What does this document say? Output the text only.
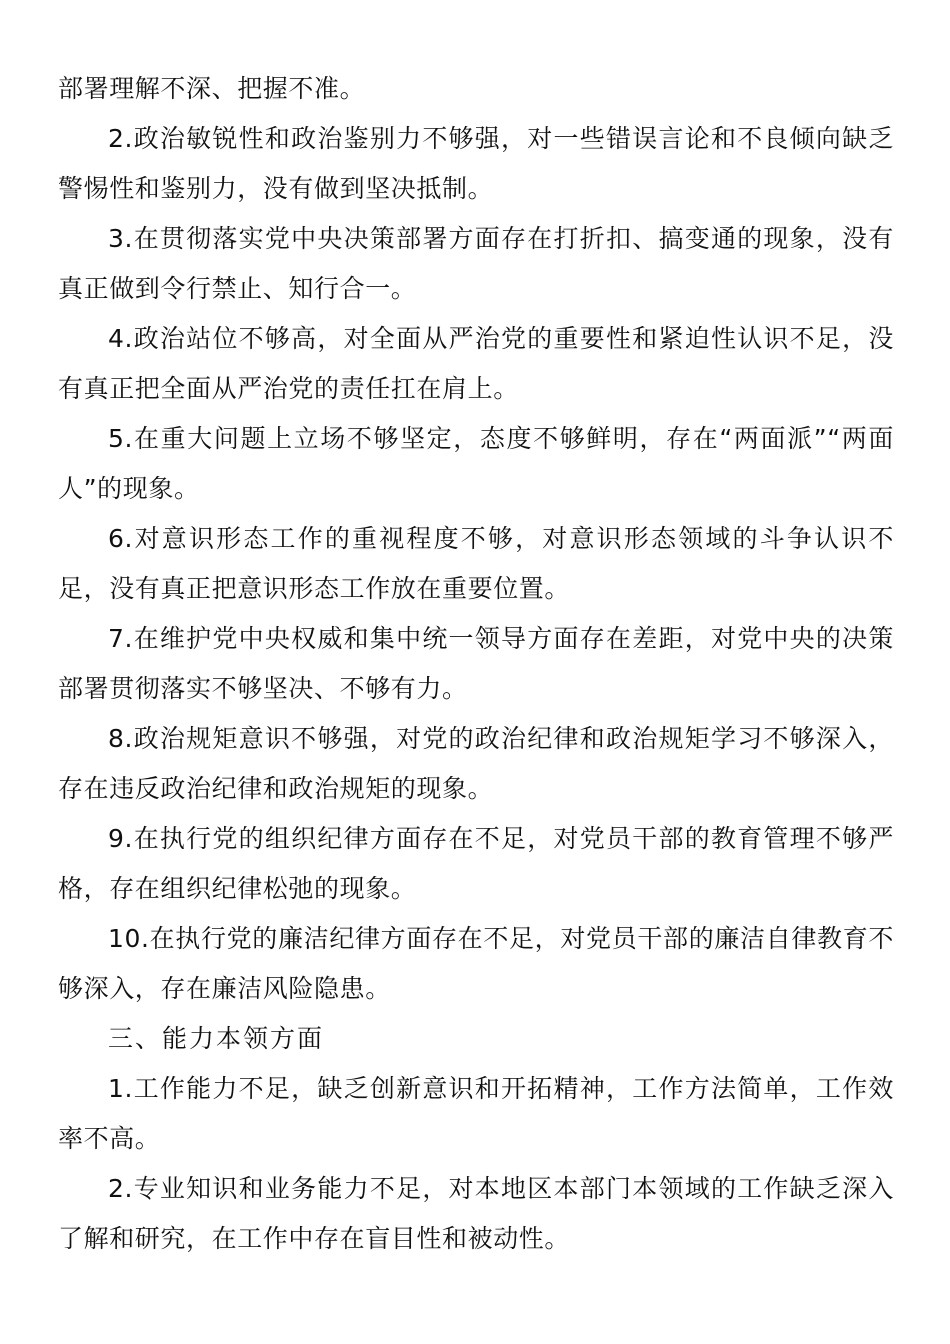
部署理解不深、把握不准。

2.政治敏锐性和政治鉴别力不够强，对一些错误言论和不良倾向缺乏警惕性和鉴别力，没有做到坚决抵制。

3.在贯彻落实党中央决策部署方面存在打折扣、搞变通的现象，没有真正做到令行禁止、知行合一。

4.政治站位不够高，对全面从严治党的重要性和紧迫性认识不足，没有真正把全面从严治党的责任扛在肩上。

5.在重大问题上立场不够坚定，态度不够鲜明，存在“两面派”“两面人”的现象。

6.对意识形态工作的重视程度不够，对意识形态领域的斗争认识不足，没有真正把意识形态工作放在重要位置。

7.在维护党中央权威和集中统一领导方面存在差距，对党中央的决策部署贯彻落实不够坚决、不够有力。

8.政治规矩意识不够强，对党的政治纪律和政治规矩学习不够深入，存在违反政治纪律和政治规矩的现象。

9.在执行党的组织纪律方面存在不足，对党员干部的教育管理不够严格，存在组织纪律松弛的现象。

10.在执行党的廉洁纪律方面存在不足，对党员干部的廉洁自律教育不够深入，存在廉洁风险隐患。

三、能力本领方面

1.工作能力不足，缺乏创新意识和开拓精神，工作方法简单，工作效率不高。

2.专业知识和业务能力不足，对本地区本部门本领域的工作缺乏深入了解和研究，在工作中存在盲目性和被动性。
